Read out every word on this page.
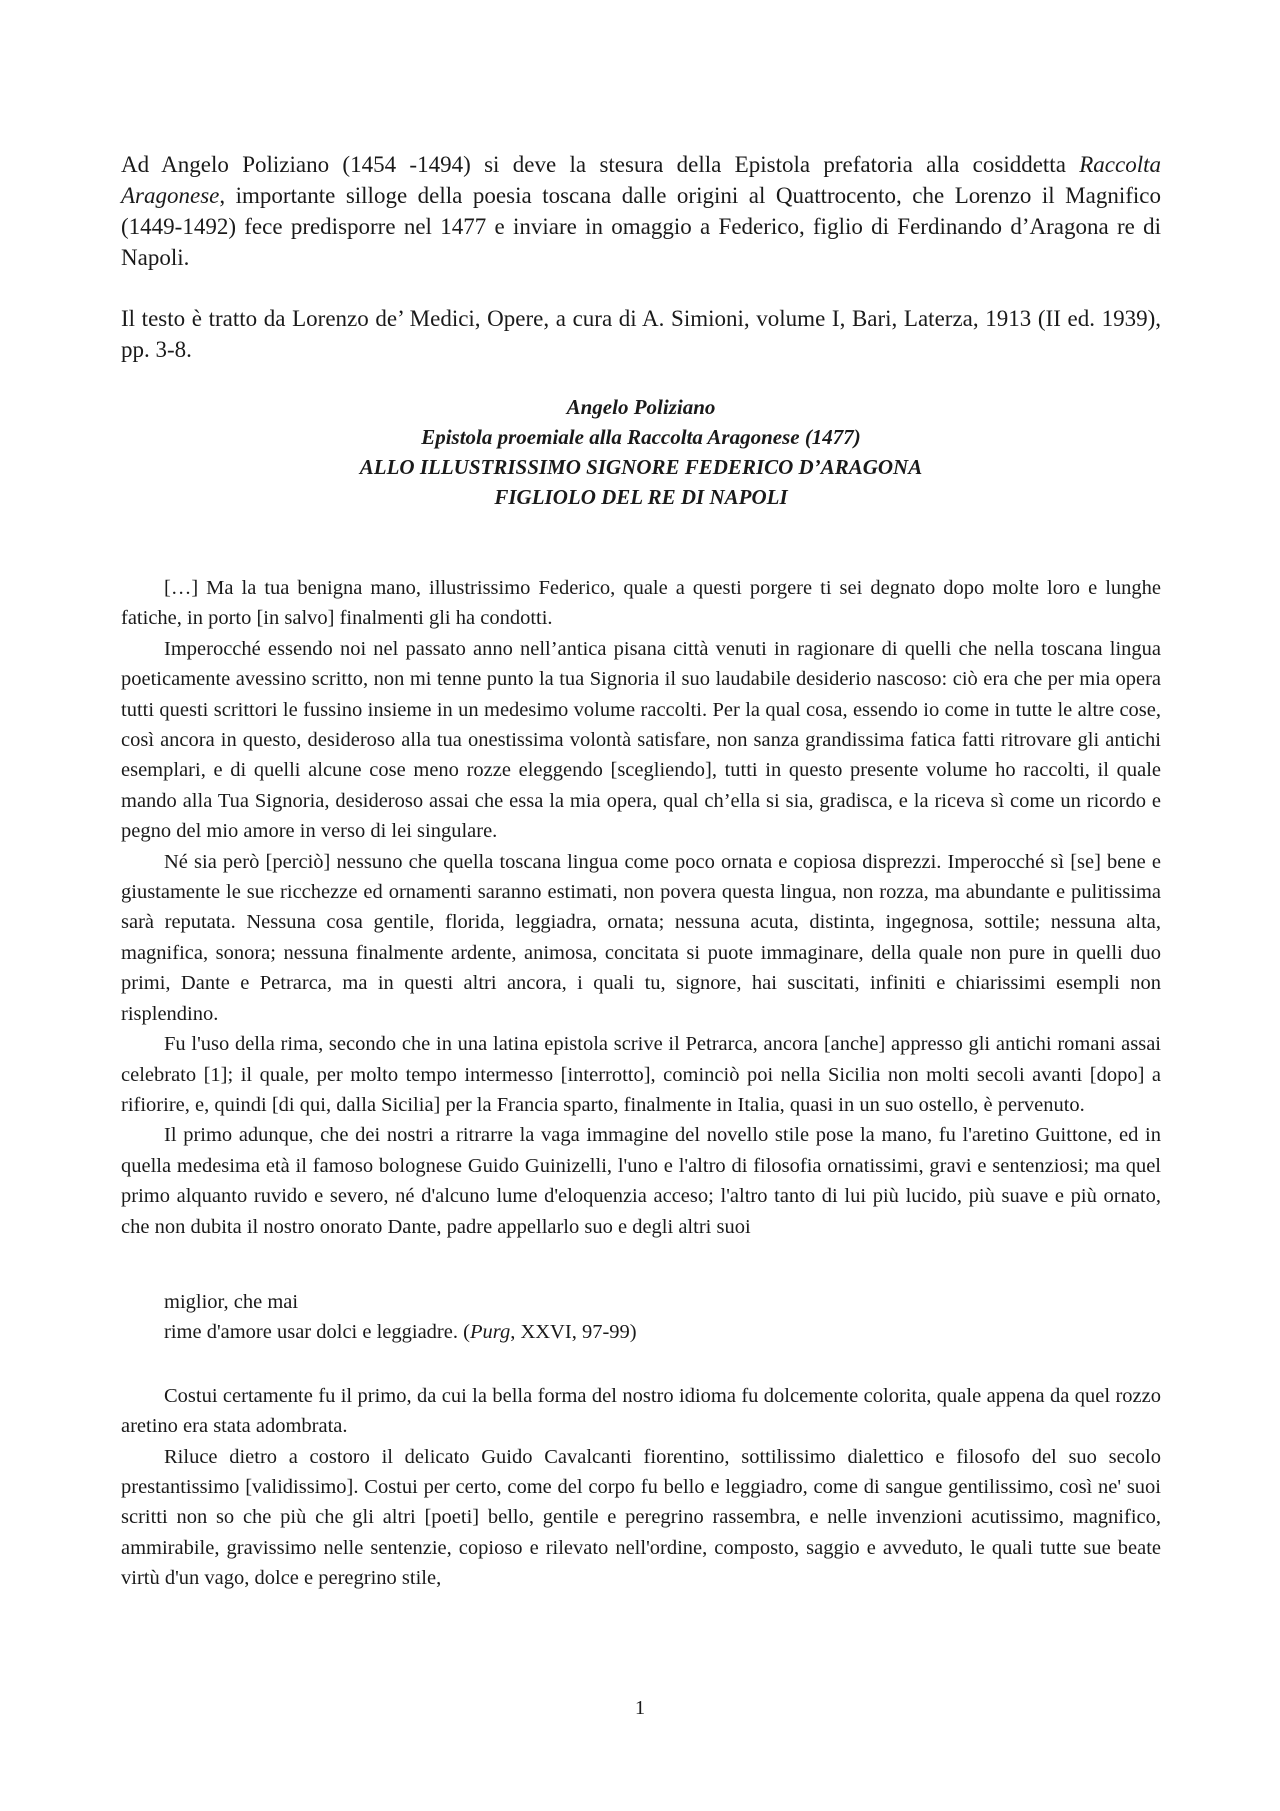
Ad Angelo Poliziano (1454 -1494) si deve la stesura della Epistola prefatoria alla cosiddetta Raccolta Aragonese, importante silloge della poesia toscana dalle origini al Quattrocento, che Lorenzo il Magnifico (1449-1492) fece predisporre nel 1477 e inviare in omaggio a Federico, figlio di Ferdinando d’Aragona re di Napoli.

Il testo è tratto da Lorenzo de’ Medici, Opere, a cura di A. Simioni, volume I, Bari, Laterza, 1913 (II ed. 1939), pp. 3-8.

Angelo Poliziano
Epistola proemiale alla Raccolta Aragonese (1477)
ALLO ILLUSTRISSIMO SIGNORE FEDERICO D’ARAGONA
FIGLIOLO DEL RE DI NAPOLI

[…] Ma la tua benigna mano, illustrissimo Federico, quale a questi porgere ti sei degnato dopo molte loro e lunghe fatiche, in porto [in salvo] finalmenti gli ha condotti.

Imperocché essendo noi nel passato anno nell’antica pisana città venuti in ragionare di quelli che nella toscana lingua poeticamente avessino scritto, non mi tenne punto la tua Signoria il suo laudabile desiderio nascoso: ciò era che per mia opera tutti questi scrittori le fussino insieme in un medesimo volume raccolti. Per la qual cosa, essendo io come in tutte le altre cose, così ancora in questo, desideroso alla tua onestissima volontà satisfare, non sanza grandissima fatica fatti ritrovare gli antichi esemplari, e di quelli alcune cose meno rozze eleggendo [scegliendo], tutti in questo presente volume ho raccolti, il quale mando alla Tua Signoria, desideroso assai che essa la mia opera, qual ch’ella si sia, gradisca, e la riceva sì come un ricordo e pegno del mio amore in verso di lei singulare.

Né sia però [perciò] nessuno che quella toscana lingua come poco ornata e copiosa disprezzi. Imperocché sì [se] bene e giustamente le sue ricchezze ed ornamenti saranno estimati, non povera questa lingua, non rozza, ma abundante e pulitissima sarà reputata. Nessuna cosa gentile, florida, leggiadra, ornata; nessuna acuta, distinta, ingegnosa, sottile; nessuna alta, magnifica, sonora; nessuna finalmente ardente, animosa, concitata si puote immaginare, della quale non pure in quelli duo primi, Dante e Petrarca, ma in questi altri ancora, i quali tu, signore, hai suscitati, infiniti e chiarissimi esempli non risplendino.

Fu l'uso della rima, secondo che in una latina epistola scrive il Petrarca, ancora [anche] appresso gli antichi romani assai celebrato [1]; il quale, per molto tempo intermesso [interrotto], cominciò poi nella Sicilia non molti secoli avanti [dopo] a rifiorire, e, quindi [di qui, dalla Sicilia] per la Francia sparto, finalmente in Italia, quasi in un suo ostello, è pervenuto.

Il primo adunque, che dei nostri a ritrarre la vaga immagine del novello stile pose la mano, fu l'aretino Guittone, ed in quella medesima età il famoso bolognese Guido Guinizelli, l'uno e l'altro di filosofia ornatissimi, gravi e sentenziosi; ma quel primo alquanto ruvido e severo, né d'alcuno lume d'eloquenzia acceso; l'altro tanto di lui più lucido, più suave e più ornato, che non dubita il nostro onorato Dante, padre appellarlo suo e degli altri suoi

miglior, che mai
rime d'amore usar dolci e leggiadre. (Purg, XXVI, 97-99)

Costui certamente fu il primo, da cui la bella forma del nostro idioma fu dolcemente colorita, quale appena da quel rozzo aretino era stata adombrata.

Riluce dietro a costoro il delicato Guido Cavalcanti fiorentino, sottilissimo dialettico e filosofo del suo secolo prestantissimo [validissimo]. Costui per certo, come del corpo fu bello e leggiadro, come di sangue gentilissimo, così ne' suoi scritti non so che più che gli altri [poeti] bello, gentile e peregrino rassembra, e nelle invenzioni acutissimo, magnifico, ammirabile, gravissimo nelle sentenzie, copioso e rilevato nell'ordine, composto, saggio e avveduto, le quali tutte sue beate virtù d'un vago, dolce e peregrino stile,

1
